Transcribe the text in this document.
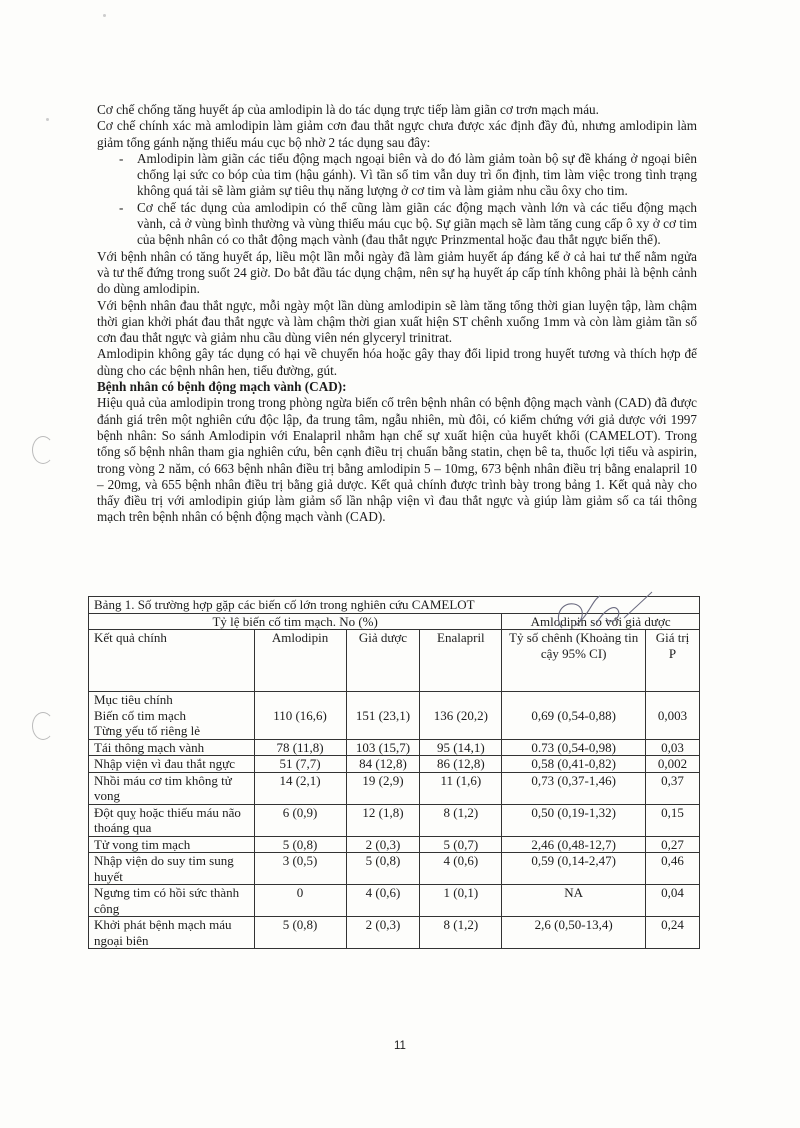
Cơ chế chống tăng huyết áp của amlodipin là do tác dụng trực tiếp làm giãn cơ trơn mạch máu.

Cơ chế chính xác mà amlodipin làm giảm cơn đau thắt ngực chưa được xác định đầy đủ, nhưng amlodipin làm giảm tổng gánh nặng thiếu máu cục bộ nhờ 2 tác dụng sau đây:

- Amlodipin làm giãn các tiểu động mạch ngoại biên và do đó làm giảm toàn bộ sự đề kháng ở ngoại biên chống lại sức co bóp của tim (hậu gánh). Vì tần số tim vẫn duy trì ổn định, tim làm việc trong tình trạng không quá tải sẽ làm giảm sự tiêu thụ năng lượng ở cơ tim và làm giảm nhu cầu ôxy cho tim.
- Cơ chế tác dụng của amlodipin có thể cũng làm giãn các động mạch vành lớn và các tiểu động mạch vành, cả ở vùng bình thường và vùng thiếu máu cục bộ. Sự giãn mạch sẽ làm tăng cung cấp ô xy ở cơ tim của bệnh nhân có co thắt động mạch vành (đau thắt ngực Prinzmental hoặc đau thắt ngực biến thể).

Với bệnh nhân có tăng huyết áp, liều một lần mỗi ngày đã làm giảm huyết áp đáng kể ở cả hai tư thế nằm ngửa và tư thế đứng trong suốt 24 giờ. Do bắt đầu tác dụng chậm, nên sự hạ huyết áp cấp tính không phải là bệnh cảnh do dùng amlodipin.

Với bệnh nhân đau thắt ngực, mỗi ngày một lần dùng amlodipin sẽ làm tăng tổng thời gian luyện tập, làm chậm thời gian khởi phát đau thắt ngực và làm chậm thời gian xuất hiện ST chênh xuống 1mm và còn làm giảm tần số cơn đau thắt ngực và giảm nhu cầu dùng viên nén glyceryl trinitrat.

Amlodipin không gây tác dụng có hại về chuyển hóa hoặc gây thay đổi lipid trong huyết tương và thích hợp để dùng cho các bệnh nhân hen, tiểu đường, gút.

Bệnh nhân có bệnh động mạch vành (CAD):

Hiệu quả của amlodipin trong trong phòng ngừa biến cố trên bệnh nhân có bệnh động mạch vành (CAD) đã được đánh giá trên một nghiên cứu độc lập, đa trung tâm, ngẫu nhiên, mù đôi, có kiểm chứng với giả dược với 1997 bệnh nhân: So sánh Amlodipin với Enalapril nhằm hạn chế sự xuất hiện của huyết khối (CAMELOT). Trong tổng số bệnh nhân tham gia nghiên cứu, bên cạnh điều trị chuẩn bằng statin, chẹn bê ta, thuốc lợi tiểu và aspirin, trong vòng 2 năm, có 663 bệnh nhân điều trị bằng amlodipin 5 – 10mg, 673 bệnh nhân điều trị bằng enalapril 10 – 20mg, và 655 bệnh nhân điều trị bằng giả dược. Kết quả chính được trình bày trong bảng 1. Kết quả này cho thấy điều trị với amlodipin giúp làm giảm số lần nhập viện vì đau thắt ngực và giúp làm giảm số ca tái thông mạch trên bệnh nhân có bệnh động mạch vành (CAD).

Bảng 1. Số trường hợp gặp các biến cố lớn trong nghiên cứu CAMELOT					
Tỷ lệ biến cố tim mạch. No (%)				Amlodipin so với giả dược	
Kết quả chính	Amlodipin	Giả dược	Enalapril	Tỷ số chênh (Khoảng tin cậy 95% CI)	Giá trị P

Mục tiêu chính
Biến cố tim mạch
Từng yếu tố riêng lẻ	110 (16,6)	151 (23,1)	136 (20,2)	0,69 (0,54-0,88)	0,003
Tái thông mạch vành	78 (11,8)	103 (15,7)	95 (14,1)	0.73 (0,54-0,98)	0,03
Nhập viện vì đau thắt ngực	51 (7,7)	84 (12,8)	86 (12,8)	0,58 (0,41-0,82)	0,002
Nhồi máu cơ tim không tử vong	14 (2,1)	19 (2,9)	11 (1,6)	0,73 (0,37-1,46)	0,37
Đột quỵ hoặc thiếu máu não thoáng qua	6 (0,9)	12 (1,8)	8 (1,2)	0,50 (0,19-1,32)	0,15
Tử vong tim mạch	5 (0,8)	2 (0,3)	5 (0,7)	2,46 (0,48-12,7)	0,27
Nhập viện do suy tim sung huyết	3 (0,5)	5 (0,8)	4 (0,6)	0,59 (0,14-2,47)	0,46
Ngưng tim có hồi sức thành công	0	4 (0,6)	1 (0,1)	NA	0,04
Khởi phát bệnh mạch máu ngoại biên	5 (0,8)	2 (0,3)	8 (1,2)	2,6 (0,50-13,4)	0,24
11
